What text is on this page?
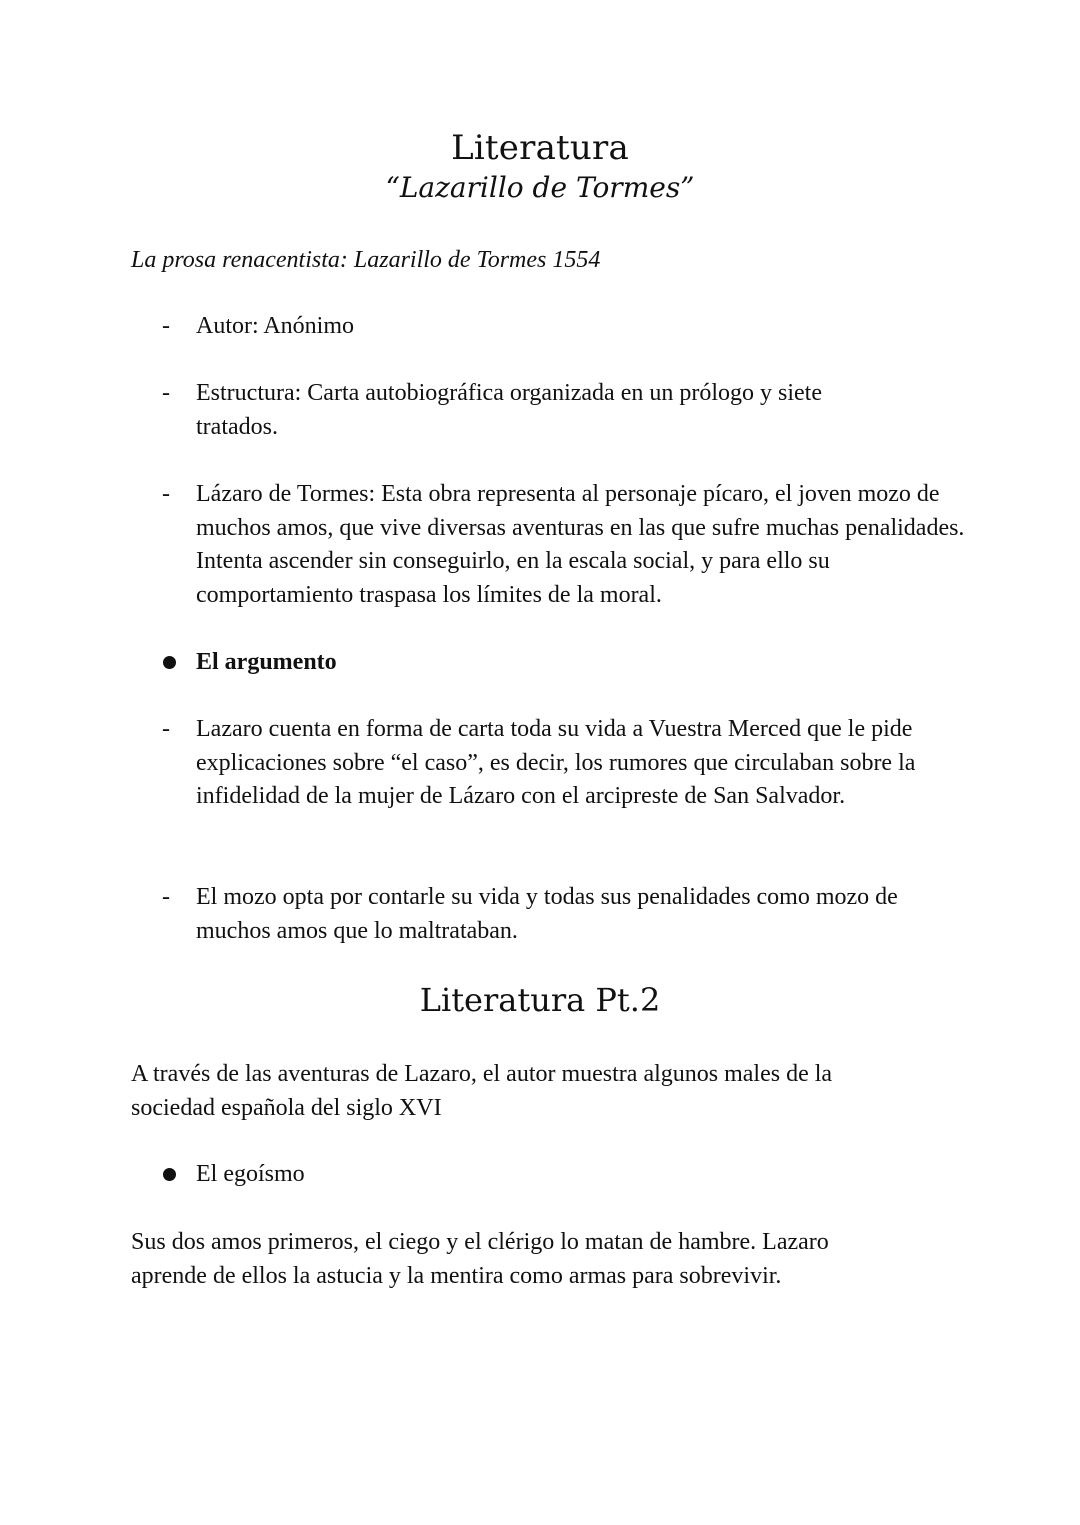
Literatura
“Lazarillo de Tormes”
La prosa renacentista: Lazarillo de Tormes 1554
-	Autor: Anónimo
-	Estructura: Carta autobiográfica organizada en un prólogo y siete tratados.
-	Lázaro de Tormes: Esta obra representa al personaje pícaro, el joven mozo de muchos amos, que vive diversas aventuras en las que sufre muchas penalidades. Intenta ascender sin conseguirlo, en la escala social, y para ello su comportamiento traspasa los límites de la moral.
El argumento
-	Lazaro cuenta en forma de carta toda su vida a Vuestra Merced que le pide explicaciones sobre “el caso”, es decir, los rumores que circulaban sobre la infidelidad de la mujer de Lázaro con el arcipreste de San Salvador.
-	El mozo opta por contarle su vida y todas sus penalidades como mozo de muchos amos que lo maltrataban.
Literatura Pt.2
A través de las aventuras de Lazaro, el autor muestra algunos males de la sociedad española del siglo XVI
El egoísmo
Sus dos amos primeros, el ciego y el clérigo lo matan de hambre. Lazaro aprende de ellos la astucia y la mentira como armas para sobrevivir.
